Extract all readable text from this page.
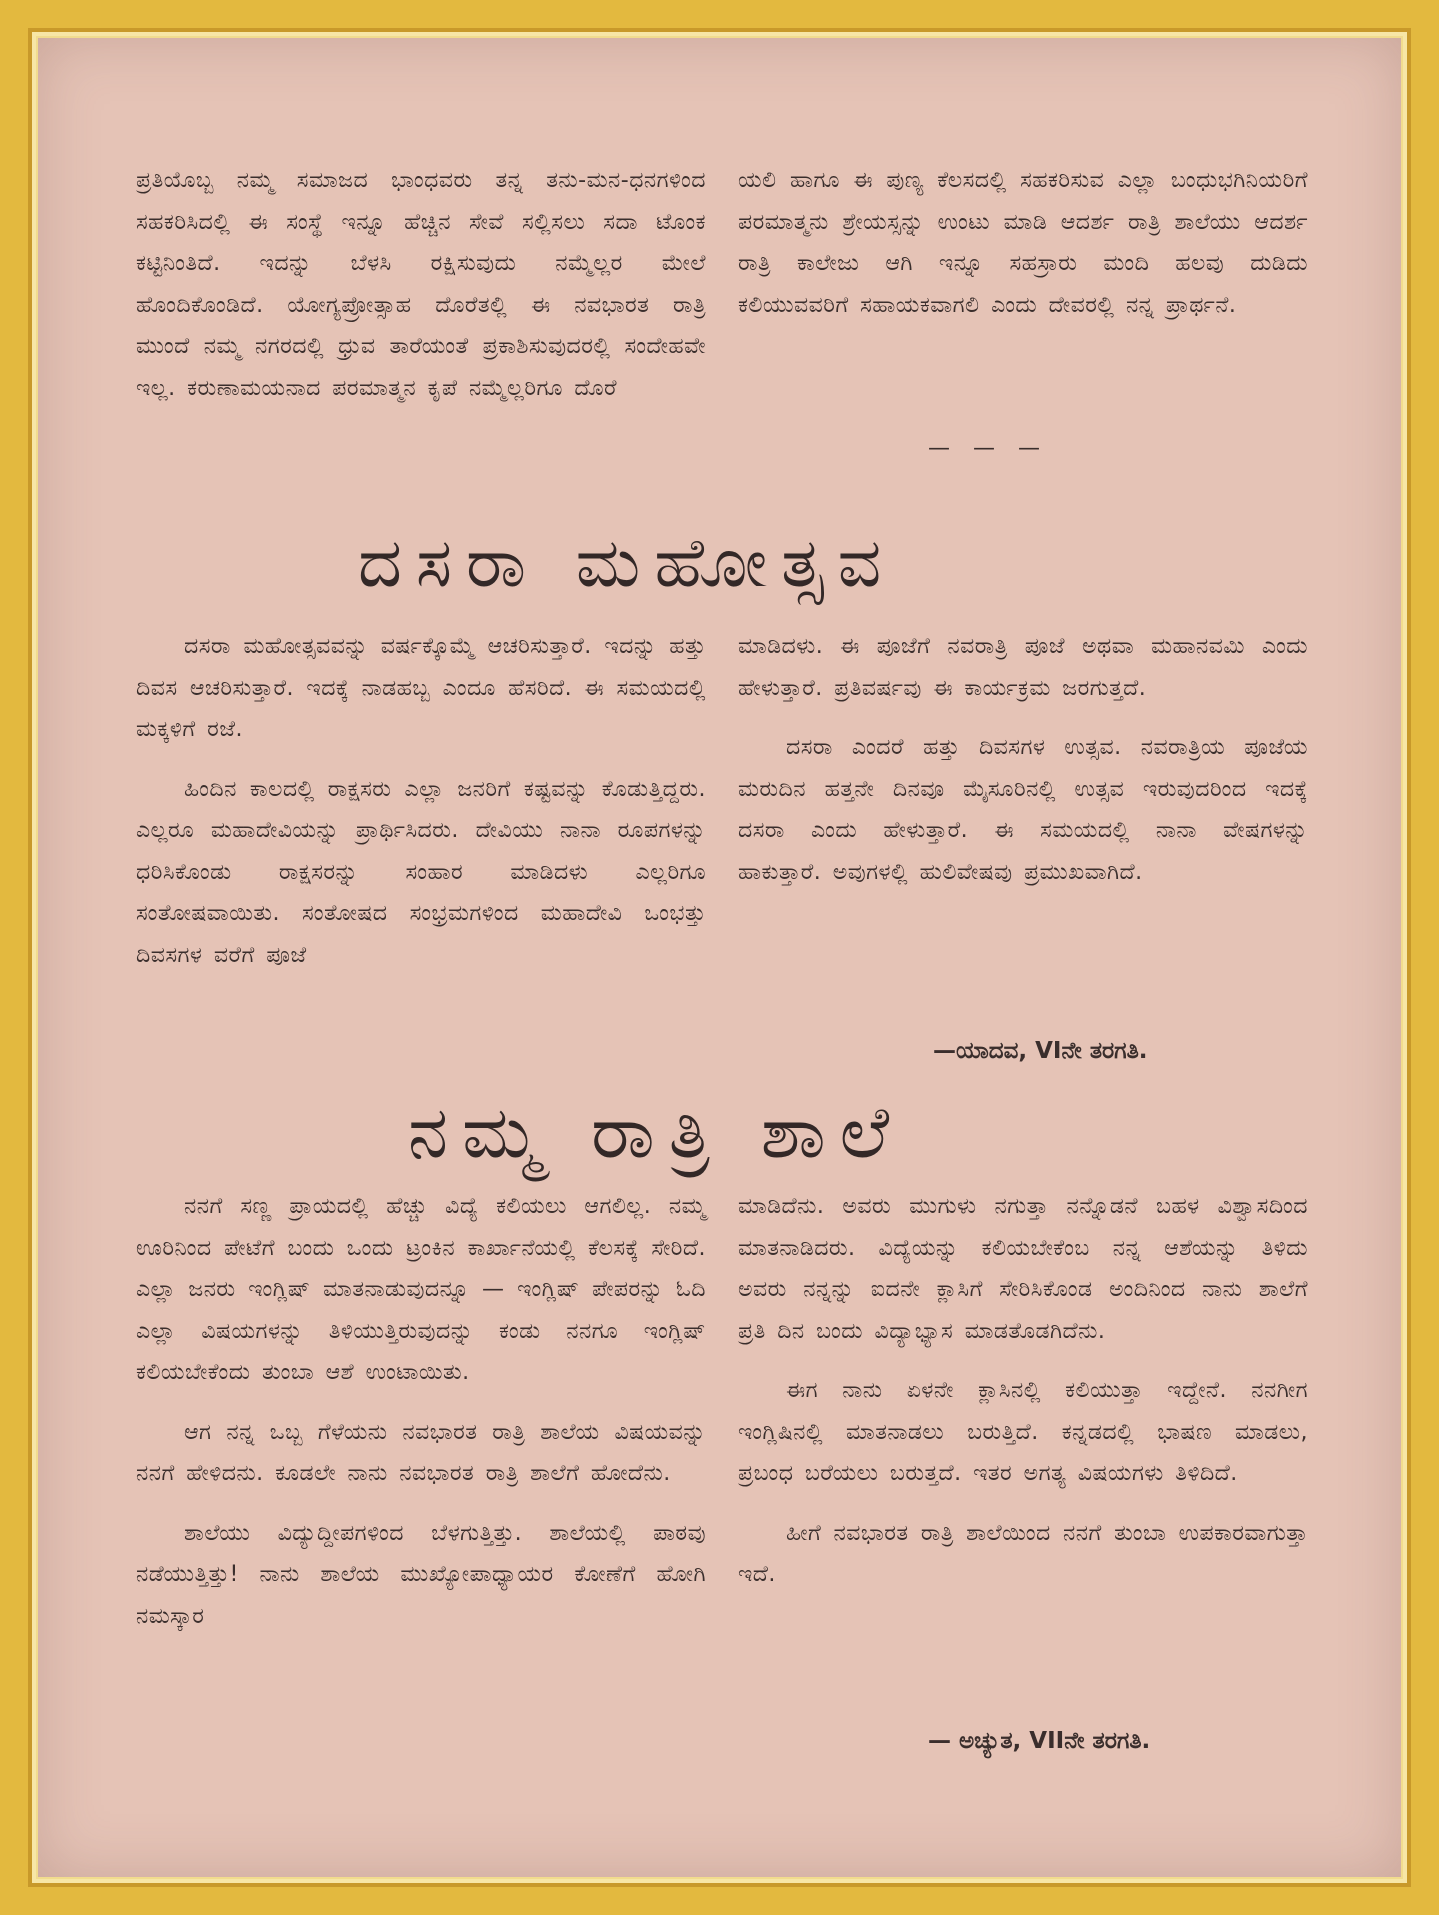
ಪ್ರತಿಯೊಬ್ಬ ನಮ್ಮ ಸಮಾಜದ ಭಾಂಧವರು ತನ್ನ ತನು-ಮನ-ಧನಗಳಿಂದ ಸಹಕರಿಸಿದಲ್ಲಿ ಈ ಸಂಸ್ಥೆ ಇನ್ನೂ ಹೆಚ್ಚಿನ ಸೇವೆ ಸಲ್ಲಿಸಲು ಸದಾ ಟೊಂಕ ಕಟ್ಟಿನಿಂತಿದೆ. ಇದನ್ನು ಬೆಳಸಿ ರಕ್ಷಿಸುವುದು ನಮ್ಮೆಲ್ಲರ ಮೇಲೆ ಹೊಂದಿಕೊಂಡಿದೆ. ಯೋಗ್ಯಪ್ರೋತ್ಸಾಹ ದೊರೆತಲ್ಲಿ ಈ ನವಭಾರತ ರಾತ್ರಿ ಮುಂದೆ ನಮ್ಮ ನಗರದಲ್ಲಿ ಧ್ರುವ ತಾರೆಯಂತೆ ಪ್ರಕಾಶಿಸುವುದರಲ್ಲಿ ಸಂದೇಹವೇ ಇಲ್ಲ. ಕರುಣಾಮಯನಾದ ಪರಮಾತ್ಮನ ಕೃಪೆ ನಮ್ಮೆಲ್ಲರಿಗೂ ದೊರೆ

ಯಲಿ ಹಾಗೂ ಈ ಪುಣ್ಯ ಕೆಲಸದಲ್ಲಿ ಸಹಕರಿಸುವ ಎಲ್ಲಾ ಬಂಧುಭಗಿನಿಯರಿಗೆ ಪರಮಾತ್ಮನು ಶ್ರೇಯಸ್ಸನ್ನು ಉಂಟು ಮಾಡಿ ಆದರ್ಶ ರಾತ್ರಿ ಶಾಲೆಯು ಆದರ್ಶ ರಾತ್ರಿ ಕಾಲೇಜು ಆಗಿ ಇನ್ನೂ ಸಹಸ್ರಾರು ಮಂದಿ ಹಲವು ದುಡಿದು ಕಲಿಯುವವರಿಗೆ ಸಹಾಯಕವಾಗಲಿ ಎಂದು ದೇವರಲ್ಲಿ ನನ್ನ ಪ್ರಾರ್ಥನೆ.

— — —
ದಸರಾ ಮಹೋತ್ಸವ

ದಸರಾ ಮಹೋತ್ಸವವನ್ನು ವರ್ಷಕ್ಕೊಮ್ಮೆ ಆಚರಿಸುತ್ತಾರೆ. ಇದನ್ನು ಹತ್ತು ದಿವಸ ಆಚರಿಸುತ್ತಾರೆ. ಇದಕ್ಕೆ ನಾಡಹಬ್ಬ ಎಂದೂ ಹೆಸರಿದೆ. ಈ ಸಮಯದಲ್ಲಿ ಮಕ್ಕಳಿಗೆ ರಜೆ.

ಹಿಂದಿನ ಕಾಲದಲ್ಲಿ ರಾಕ್ಷಸರು ಎಲ್ಲಾ ಜನರಿಗೆ ಕಷ್ಟವನ್ನು ಕೊಡುತ್ತಿದ್ದರು. ಎಲ್ಲರೂ ಮಹಾದೇವಿಯನ್ನು ಪ್ರಾರ್ಥಿಸಿದರು. ದೇವಿಯು ನಾನಾ ರೂಪಗಳನ್ನು ಧರಿಸಿಕೊಂಡು ರಾಕ್ಷಸರನ್ನು ಸಂಹಾರ ಮಾಡಿದಳು ಎಲ್ಲರಿಗೂ ಸಂತೋಷವಾಯಿತು. ಸಂತೋಷದ ಸಂಭ್ರಮಗಳಿಂದ ಮಹಾದೇವಿ ಒಂಭತ್ತು ದಿವಸಗಳ ವರೆಗೆ ಪೂಜೆ

ಮಾಡಿದಳು. ಈ ಪೂಜೆಗೆ ನವರಾತ್ರಿ ಪೂಜೆ ಅಥವಾ ಮಹಾನವಮಿ ಎಂದು ಹೇಳುತ್ತಾರೆ. ಪ್ರತಿವರ್ಷವು ಈ ಕಾರ್ಯಕ್ರಮ ಜರಗುತ್ತದೆ.

ದಸರಾ ಎಂದರೆ ಹತ್ತು ದಿವಸಗಳ ಉತ್ಸವ. ನವರಾತ್ರಿಯ ಪೂಜೆಯ ಮರುದಿನ ಹತ್ತನೇ ದಿನವೂ ಮೈಸೂರಿನಲ್ಲಿ ಉತ್ಸವ ಇರುವುದರಿಂದ ಇದಕ್ಕೆ ದಸರಾ ಎಂದು ಹೇಳುತ್ತಾರೆ. ಈ ಸಮಯದಲ್ಲಿ ನಾನಾ ವೇಷಗಳನ್ನು ಹಾಕುತ್ತಾರೆ. ಅವುಗಳಲ್ಲಿ ಹುಲಿವೇಷವು ಪ್ರಮುಖವಾಗಿದೆ.

—ಯಾದವ, VIನೇ ತರಗತಿ.

ನಮ್ಮ ರಾತ್ರಿ ಶಾಲೆ

ನನಗೆ ಸಣ್ಣ ಪ್ರಾಯದಲ್ಲಿ ಹೆಚ್ಚು ವಿದ್ಯೆ ಕಲಿಯಲು ಆಗಲಿಲ್ಲ. ನಮ್ಮ ಊರಿನಿಂದ ಪೇಟೆಗೆ ಬಂದು ಒಂದು ಟ್ರಂಕಿನ ಕಾರ್ಖಾನೆಯಲ್ಲಿ ಕೆಲಸಕ್ಕೆ ಸೇರಿದೆ. ಎಲ್ಲಾ ಜನರು ಇಂಗ್ಲಿಷ್ ಮಾತನಾಡುವುದನ್ನೂ — ಇಂಗ್ಲಿಷ್ ಪೇಪರನ್ನು ಓದಿ ಎಲ್ಲಾ ವಿಷಯಗಳನ್ನು ತಿಳಿಯುತ್ತಿರುವುದನ್ನು ಕಂಡು ನನಗೂ ಇಂಗ್ಲಿಷ್ ಕಲಿಯಬೇಕೆಂದು ತುಂಬಾ ಆಶೆ ಉಂಟಾಯಿತು.

ಆಗ ನನ್ನ ಒಬ್ಬ ಗೆಳೆಯನು ನವಭಾರತ ರಾತ್ರಿ ಶಾಲೆಯ ವಿಷಯವನ್ನು ನನಗೆ ಹೇಳಿದನು. ಕೂಡಲೇ ನಾನು ನವಭಾರತ ರಾತ್ರಿ ಶಾಲೆಗೆ ಹೋದೆನು.

ಶಾಲೆಯು ವಿದ್ಯುದ್ದೀಪಗಳಿಂದ ಬೆಳಗುತ್ತಿತ್ತು. ಶಾಲೆಯಲ್ಲಿ ಪಾಠವು ನಡೆಯುತ್ತಿತ್ತು! ನಾನು ಶಾಲೆಯ ಮುಖ್ಯೋಪಾಧ್ಯಾಯರ ಕೋಣೆಗೆ ಹೋಗಿ ನಮಸ್ಕಾರ

ಮಾಡಿದೆನು. ಅವರು ಮುಗುಳು ನಗುತ್ತಾ ನನ್ನೊಡನೆ ಬಹಳ ವಿಶ್ವಾಸದಿಂದ ಮಾತನಾಡಿದರು. ವಿದ್ಯೆಯನ್ನು ಕಲಿಯಬೇಕೆಂಬ ನನ್ನ ಆಶೆಯನ್ನು ತಿಳಿದು ಅವರು ನನ್ನನ್ನು ಐದನೇ ಕ್ಲಾಸಿಗೆ ಸೇರಿಸಿಕೊಂಡ ಅಂದಿನಿಂದ ನಾನು ಶಾಲೆಗೆ ಪ್ರತಿ ದಿನ ಬಂದು ವಿದ್ಯಾಭ್ಯಾಸ ಮಾಡತೊಡಗಿದೆನು.

ಈಗ ನಾನು ಏಳನೇ ಕ್ಲಾಸಿನಲ್ಲಿ ಕಲಿಯುತ್ತಾ ಇದ್ದೇನೆ. ನನಗೀಗ ಇಂಗ್ಲಿಷಿನಲ್ಲಿ ಮಾತನಾಡಲು ಬರುತ್ತಿದೆ. ಕನ್ನಡದಲ್ಲಿ ಭಾಷಣ ಮಾಡಲು, ಪ್ರಬಂಧ ಬರೆಯಲು ಬರುತ್ತದೆ. ಇತರ ಅಗತ್ಯ ವಿಷಯಗಳು ತಿಳಿದಿದೆ.

ಹೀಗೆ ನವಭಾರತ ರಾತ್ರಿ ಶಾಲೆಯಿಂದ ನನಗೆ ತುಂಬಾ ಉಪಕಾರವಾಗುತ್ತಾ ಇದೆ.

— ಅಚ್ಯುತ, VIIನೇ ತರಗತಿ.
